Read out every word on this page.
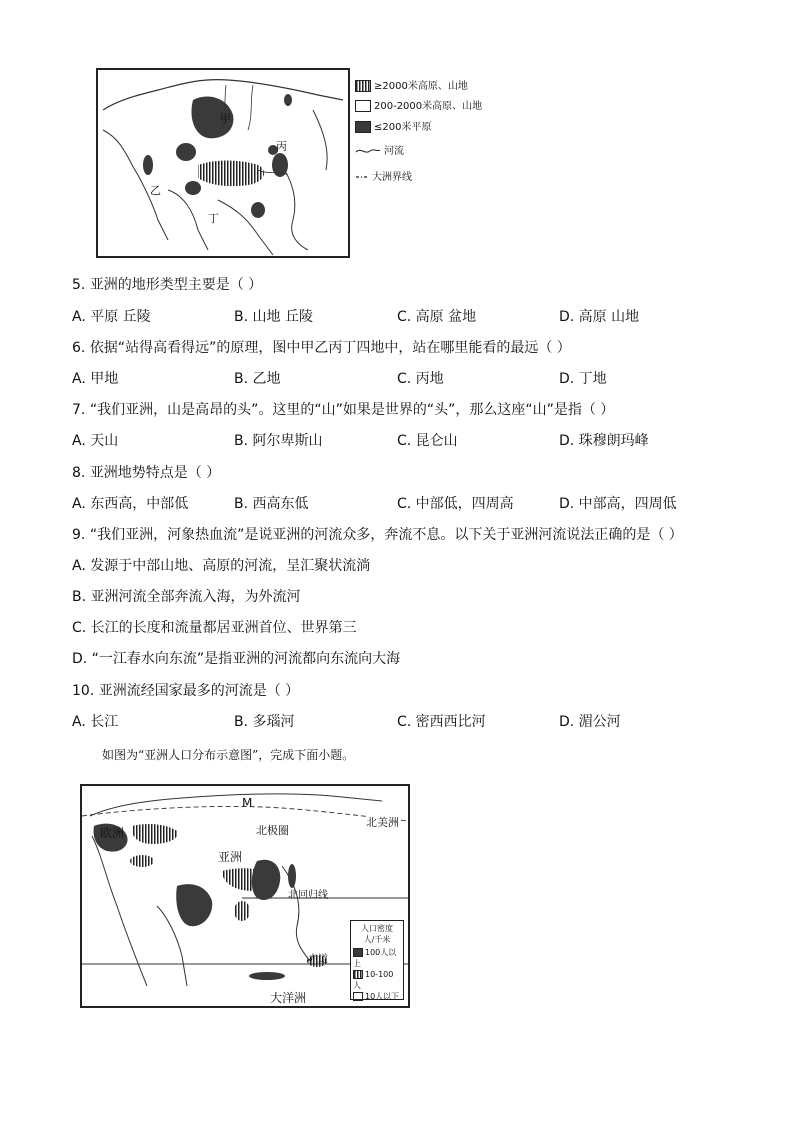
甲
乙
丙
丁
≥2000米高原、山地
200-2000米高原、山地
≤200米平原
河流
大洲界线
5. 亚洲的地形类型主要是（ ）
A. 平原 丘陵	B. 山地 丘陵	C. 高原 盆地	D. 高原 山地
6. 依据“站得高看得远”的原理，图中甲乙丙丁四地中，站在哪里能看的最远（ ）
A. 甲地	B. 乙地	C. 丙地	D. 丁地
7. “我们亚洲，山是高昂的头”。这里的“山”如果是世界的“头”，那么这座“山”是指（ ）
A. 天山	B. 阿尔卑斯山	C. 昆仑山	D. 珠穆朗玛峰
8. 亚洲地势特点是（ ）
A. 东西高，中部低	B. 西高东低	C. 中部低，四周高	D. 中部高，四周低
9. “我们亚洲，河象热血流”是说亚洲的河流众多，奔流不息。以下关于亚洲河流说法正确的是（ ）
A. 发源于中部山地、高原的河流，呈汇聚状流淌
B. 亚洲河流全部奔流入海，为外流河
C. 长江的长度和流量都居亚洲首位、世界第三
D. “一江春水向东流”是指亚洲的河流都向东流向大海
10. 亚洲流经国家最多的河流是（ ）
A. 长江	B. 多瑙河	C. 密西西比河	D. 湄公河
如图为“亚洲人口分布示意图”，完成下面小题。
欧洲
亚洲
北极圈
北美洲
北回归线
赤道
大洋洲
M
人口密度
人/千米
100人以上
10-100人
10人以下
